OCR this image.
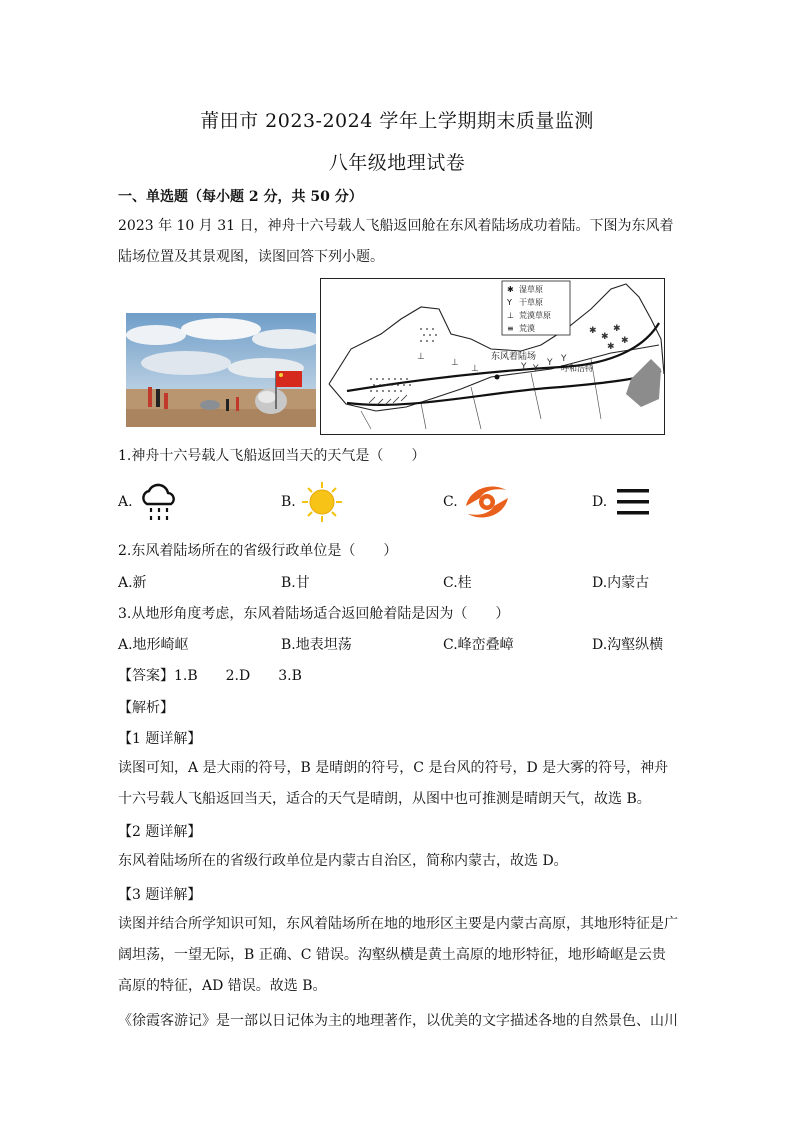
莆田市 2023-2024 学年上学期期末质量监测
八年级地理试卷
一、单选题（每小题 2 分，共 50 分）
2023 年 10 月 31 日，神舟十六号载人飞船返回舱在东风着陆场成功着陆。下图为东风着陆场位置及其景观图，读图回答下列小题。
✱
✱
✱
✱
✱
Y Y
Y Y
⊥
⊥
⊥	东风着陆场
呼和浩特
✱ 湿草原
Y 干草原
⊥ 荒漠草原
≡ 荒漠
1.神舟十六号载人飞船返回当天的天气是（　　）
A.	B.	C.	D.
2.东风着陆场所在的省级行政单位是（　　）
A.新	B.甘	C.桂	D.内蒙古
3.从地形角度考虑，东风着陆场适合返回舱着陆是因为（　　）
A.地形崎岖	B.地表坦荡	C.峰峦叠嶂	D.沟壑纵横
【答案】1.B　　2.D　　3.B
【解析】
【1 题详解】
读图可知，A 是大雨的符号，B 是晴朗的符号，C 是台风的符号，D 是大雾的符号，神舟十六号载人飞船返回当天，适合的天气是晴朗，从图中也可推测是晴朗天气，故选 B。
【2 题详解】
东风着陆场所在的省级行政单位是内蒙古自治区，简称内蒙古，故选 D。
【3 题详解】
读图并结合所学知识可知，东风着陆场所在地的地形区主要是内蒙古高原，其地形特征是广阔坦荡，一望无际，B 正确、C 错误。沟壑纵横是黄土高原的地形特征，地形崎岖是云贵高原的特征，AD 错误。故选 B。
《徐霞客游记》是一部以日记体为主的地理著作，以优美的文字描述各地的自然景色、山川
